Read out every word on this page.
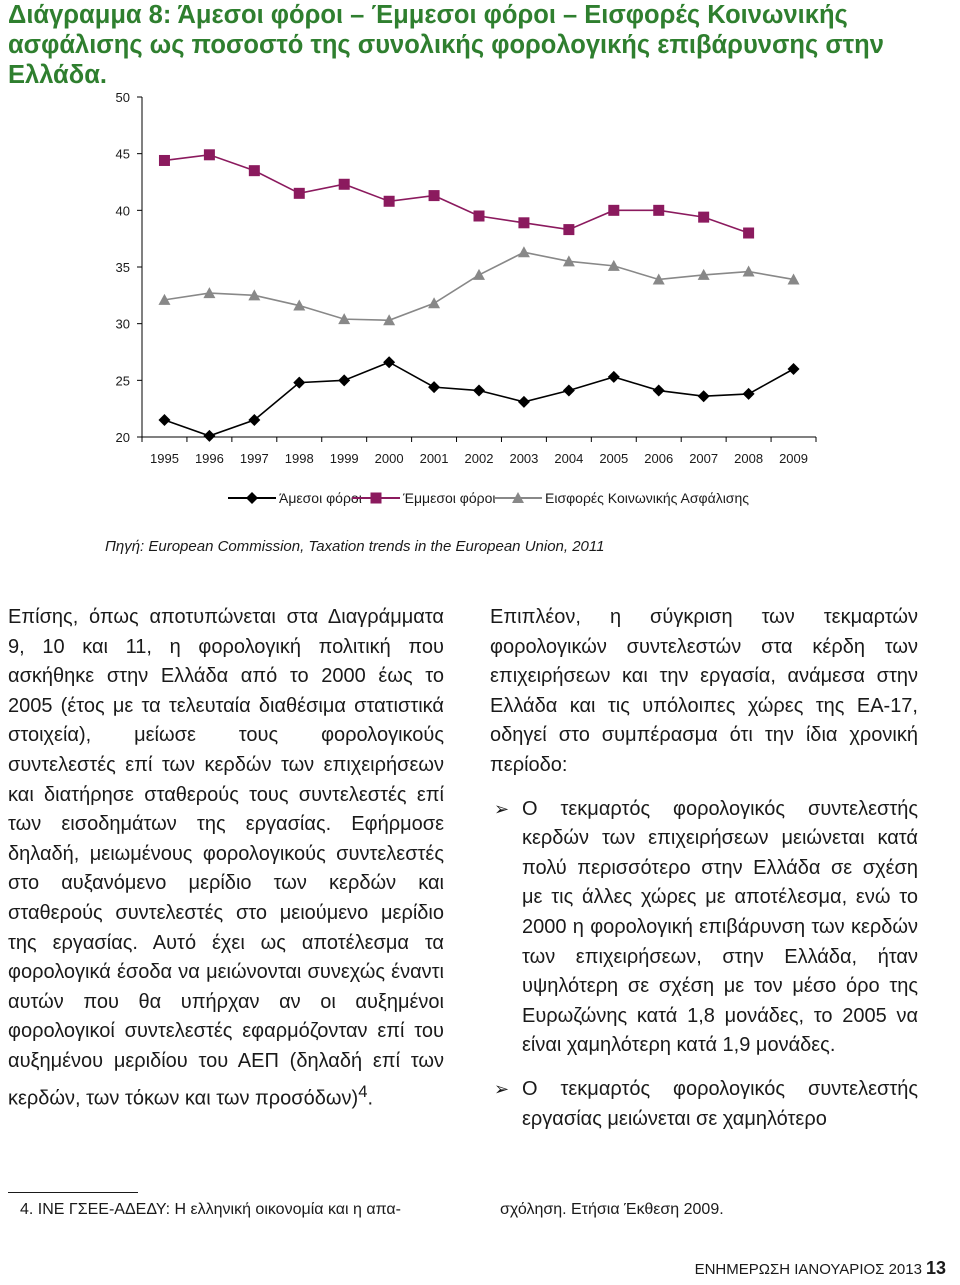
Διάγραμμα 8: Άμεσοι φόροι – Έμμεσοι φόροι – Εισφορές Κοινωνικής ασφάλισης ως ποσοστό της συνολικής φορολογικής επιβάρυνσης στην Ελλάδα.
50
45
40
35
30
25
20
1995 1996 1997 1998 1999 2000 2001 2002 2003 2004 2005 2006 2007 2008 2009
Άμεσοι φόροι	Έμμεσοι φόροι	Εισφορές Κοινωνικής Ασφάλισης
Πηγή: European Commission, Taxation trends in the European Union, 2011

Επίσης, όπως αποτυπώνεται στα Διαγράμματα 9, 10 και 11, η φορολογική πολιτική που ασκήθηκε στην Ελλάδα από το 2000 έως το 2005 (έτος με τα τελευταία διαθέσιμα στατιστικά στοιχεία), μείωσε τους φορολογικούς συντελεστές επί των κερδών των επιχειρήσεων και διατήρησε σταθερούς τους συντελεστές επί των εισοδημάτων της εργασίας. Εφήρμοσε δηλαδή, μειωμένους φορολογικούς συντελεστές στο αυξανόμενο μερίδιο των κερδών και σταθερούς συντελεστές στο μειούμενο μερίδιο της εργασίας. Αυτό έχει ως αποτέλεσμα τα φορολογικά έσοδα να μειώνονται συνεχώς έναντι αυτών που θα υπήρχαν αν οι αυξημένοι φορολογικοί συντελεστές εφαρμόζονταν επί του αυξημένου μεριδίου του ΑΕΠ (δηλαδή επί των κερδών, των τόκων και των προσόδων)$^4$.

Επιπλέον, η σύγκριση των τεκμαρτών φορολογικών συντελεστών στα κέρδη των επιχειρήσεων και την εργασία, ανάμεσα στην Ελλάδα και τις υπόλοιπες χώρες της ΕΑ-17, οδηγεί στο συμπέρασμα ότι την ίδια χρονική περίοδο:

➢ Ο τεκμαρτός φορολογικός συντελεστής κερδών των επιχειρήσεων μειώνεται κατά πολύ περισσότερο στην Ελλάδα σε σχέση με τις άλλες χώρες με αποτέλεσμα, ενώ το 2000 η φορολογική επιβάρυνση των κερδών των επιχειρήσεων, στην Ελλάδα, ήταν υψηλότερη σε σχέση με τον μέσο όρο της Ευρωζώνης κατά 1,8 μονάδες, το 2005 να είναι χαμηλότερη κατά 1,9 μονάδες.
➢ Ο τεκμαρτός φορολογικός συντελεστής εργασίας μειώνεται σε χαμηλότερο
4. ΙΝΕ ΓΣΕΕ-ΑΔΕΔΥ: Η ελληνική οικονομία και η απα-	σχόληση. Ετήσια Έκθεση 2009.
ΕΝΗΜΕΡΩΣΗ ΙΑΝΟΥΑΡΙΟΣ 2013 13
